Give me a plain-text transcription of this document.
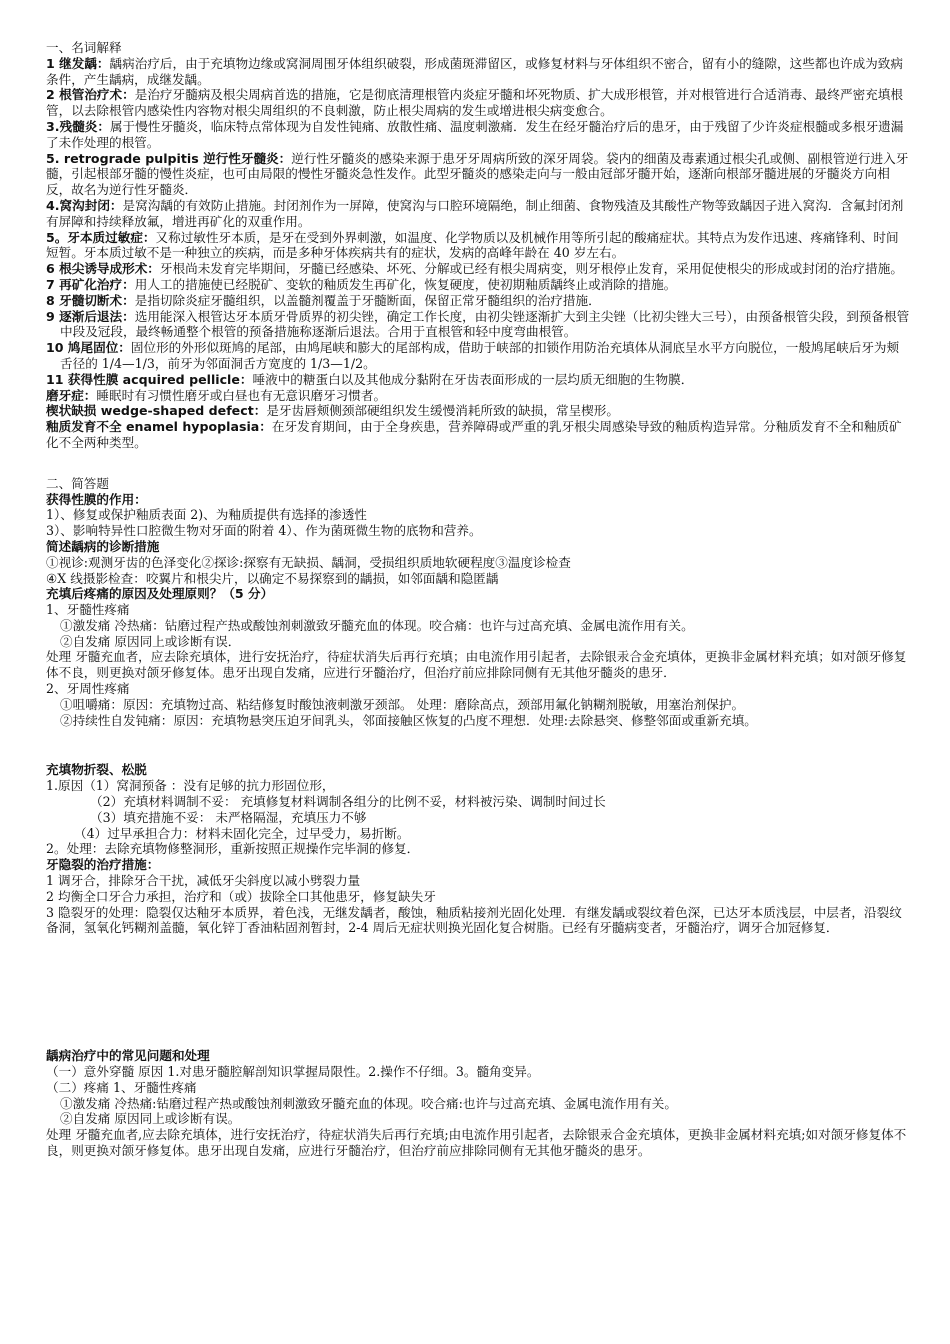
一、名词解释

1 继发龋：龋病治疗后，由于充填物边缘或窝洞周围牙体组织破裂，形成菌斑滞留区，或修复材料与牙体组织不密合，留有小的缝隙，这些都也许成为致病条件，产生龋病，成继发龋。

2 根管治疗术：是治疗牙髓病及根尖周病首选的措施，它是彻底清理根管内炎症牙髓和坏死物质、扩大成形根管，并对根管进行合适消毒、最终严密充填根管，以去除根管内感染性内容物对根尖周组织的不良刺激，防止根尖周病的发生或增进根尖病变愈合。

3.残髓炎：属于慢性牙髓炎，临床特点常体现为自发性钝痛、放散性痛、温度刺激痛．发生在经牙髓治疗后的患牙，由于残留了少许炎症根髓或多根牙遗漏了未作处理的根管。

5. retrograde pulpitis 逆行性牙髓炎：逆行性牙髓炎的感染来源于患牙牙周病所致的深牙周袋。袋内的细菌及毒素通过根尖孔或侧、副根管逆行进入牙髓，引起根部牙髓的慢性炎症，也可由局限的慢性牙髓炎急性发作。此型牙髓炎的感染走向与一般由冠部牙髓开始，逐渐向根部牙髓进展的牙髓炎方向相反，故名为逆行性牙髓炎．

4.窝沟封闭：是窝沟龋的有效防止措施。封闭剂作为一屏障，使窝沟与口腔环境隔绝，制止细菌、食物残渣及其酸性产物等致龋因子进入窝沟．含氟封闭剂有屏障和持续释放氟，增进再矿化的双重作用。

5。牙本质过敏症：又称过敏性牙本质，是牙在受到外界刺激，如温度、化学物质以及机械作用等所引起的酸痛症状。其特点为发作迅速、疼痛锋利、时间短暂。牙本质过敏不是一种独立的疾病，而是多种牙体疾病共有的症状，发病的高峰年龄在 40 岁左右。

6 根尖诱导成形术：牙根尚未发育完毕期间，牙髓已经感染、坏死、分解或已经有根尖周病变，则牙根停止发育，采用促使根尖的形成或封闭的治疗措施。

7 再矿化治疗：用人工的措施使已经脱矿、变软的釉质发生再矿化，恢复硬度，使初期釉质龋终止或消除的措施。

8 牙髓切断术：是指切除炎症牙髓组织，以盖髓剂覆盖于牙髓断面，保留正常牙髓组织的治疗措施．

9 逐渐后退法：选用能深入根管达牙本质牙骨质界的初尖锉，确定工作长度，由初尖锉逐渐扩大到主尖锉（比初尖锉大三号），由预备根管尖段，到预备根管中段及冠段，最终畅通整个根管的预备措施称逐渐后退法。合用于直根管和轻中度弯曲根管。

10 鸠尾固位：固位形的外形似斑鸠的尾部，由鸠尾峡和膨大的尾部构成，借助于峡部的扣锁作用防治充填体从洞底呈水平方向脱位，一般鸠尾峡后牙为颊舌径的 1/4—1/3，前牙为邻面洞舌方宽度的 1/3—1/2。

11 获得性膜 acquired pellicle：唾液中的糖蛋白以及其他成分黏附在牙齿表面形成的一层均质无细胞的生物膜．

磨牙症：睡眠时有习惯性磨牙或白昼也有无意识磨牙习惯者。

楔状缺损 wedge-shaped defect：是牙齿唇颊侧颈部硬组织发生缓慢消耗所致的缺损，常呈楔形。

釉质发育不全 enamel hypoplasia：在牙发育期间，由于全身疾患，营养障碍或严重的乳牙根尖周感染导致的釉质构造异常。分釉质发育不全和釉质矿化不全两种类型。

二、简答题

获得性膜的作用：

1）、修复或保护釉质表面 2)、为釉质提供有选择的渗透性

3）、影响特异性口腔微生物对牙面的附着 4）、作为菌斑微生物的底物和营养。

简述龋病的诊断措施

①视诊:观测牙齿的色泽变化②探诊:探察有无缺损、龋洞，受损组织质地软硬程度③温度诊检查

④X 线摄影检查：咬翼片和根尖片，以确定不易探察到的龋损，如邻面龋和隐匿龋

充填后疼痛的原因及处理原则？（5 分）

1、牙髓性疼痛

①激发痛 冷热痛：钻磨过程产热或酸蚀剂刺激致牙髓充血的体现。咬合痛：也许与过高充填、金属电流作用有关。

②自发痛 原因同上或诊断有误．

处理 牙髓充血者，应去除充填体，进行安抚治疗，待症状消失后再行充填；由电流作用引起者，去除银汞合金充填体，更换非金属材料充填；如对颌牙修复体不良，则更换对颌牙修复体。患牙出现自发痛，应进行牙髓治疗，但治疗前应排除同侧有无其他牙髓炎的患牙．

2、牙周性疼痛

①咀嚼痛：原因：充填物过高、粘结修复时酸蚀液刺激牙颈部。 处理：磨除高点，颈部用氟化钠糊剂脱敏，用塞治剂保护。

②持续性自发钝痛：原因：充填物悬突压迫牙间乳头，邻面接触区恢复的凸度不理想．处理:去除悬突、修整邻面或重新充填。

充填物折裂、松脱

1.原因（1）窝洞预备 ：没有足够的抗力形固位形，

（2）充填材料调制不妥： 充填修复材料调制各组分的比例不妥，材料被污染、调制时间过长

（3）填充措施不妥： 未严格隔湿，充填压力不够

（4）过早承担合力：材料未固化完全，过早受力，易折断。

2。处理：去除充填物修整洞形，重新按照正规操作完毕洞的修复．

牙隐裂的治疗措施：

1 调牙合，排除牙合干扰，减低牙尖斜度以减小劈裂力量

2 均衡全口牙合力承担，治疗和（或）拔除全口其他患牙，修复缺失牙

3 隐裂牙的处理：隐裂仅达釉牙本质界，着色浅，无继发龋者，酸蚀，釉质粘接剂光固化处理．有继发龋或裂纹着色深，已达牙本质浅层，中层者，沿裂纹备洞，氢氧化钙糊剂盖髓，氧化锌丁香油粘固剂暂封，2-4 周后无症状则换光固化复合树脂。已经有牙髓病变者，牙髓治疗，调牙合加冠修复．

龋病治疗中的常见问题和处理

（一）意外穿髓 原因 1.对患牙髓腔解剖知识掌握局限性。2.操作不仔细。3。髓角变异。

（二）疼痛 1、牙髓性疼痛

①激发痛 冷热痛:钻磨过程产热或酸蚀剂刺激致牙髓充血的体现。咬合痛:也许与过高充填、金属电流作用有关。

②自发痛 原因同上或诊断有误。

处理 牙髓充血者,应去除充填体，进行安抚治疗，待症状消失后再行充填;由电流作用引起者，去除银汞合金充填体，更换非金属材料充填;如对颌牙修复体不良，则更换对颌牙修复体。患牙出现自发痛，应进行牙髓治疗，但治疗前应排除同侧有无其他牙髓炎的患牙。
